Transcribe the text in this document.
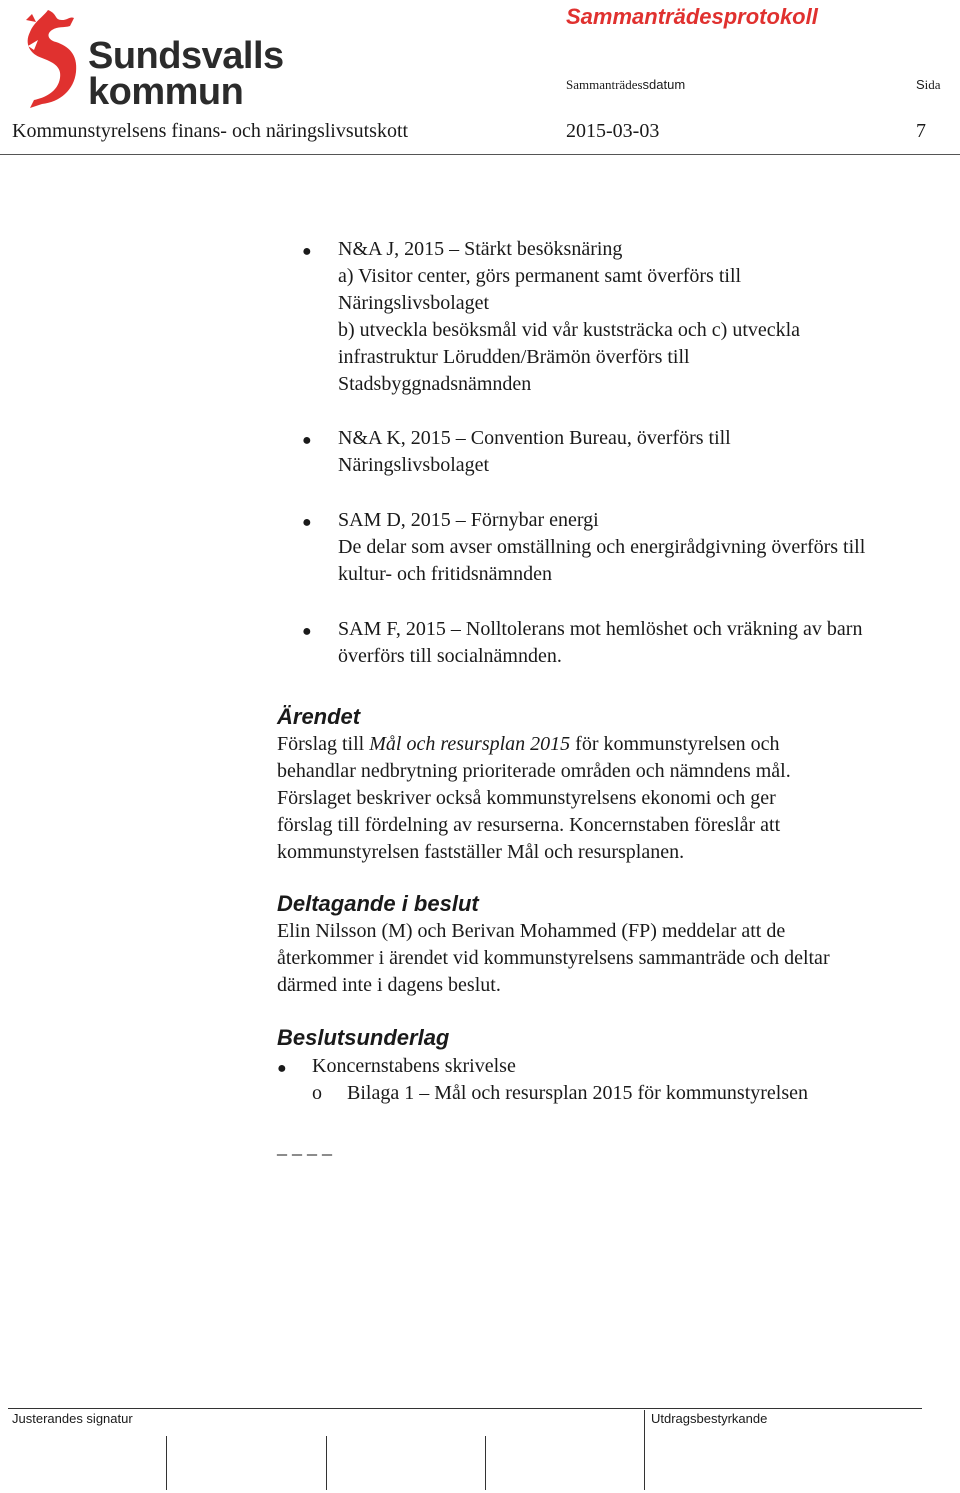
Sundsvalls
kommun
Sammanträdesprotokoll
Sammanträdessdatum	Sida
Kommunstyrelsens finans- och näringslivsutskott	2015-03-03	7
● N&A J, 2015 – Stärkt besöksnäring
a) Visitor center, görs permanent samt överförs till
Näringslivsbolaget
b) utveckla besöksmål vid vår kuststräcka och c) utveckla
infrastruktur Lörudden/Brämön överförs till
Stadsbyggnadsnämnden
● N&A K, 2015 – Convention Bureau, överförs till
Näringslivsbolaget
● SAM D, 2015 – Förnybar energi
De delar som avser omställning och energirådgivning överförs till
kultur- och fritidsnämnden
● SAM F, 2015 – Nolltolerans mot hemlöshet och vräkning av barn
överförs till socialnämnden.
Ärendet
Förslag till Mål och resursplan 2015 för kommunstyrelsen och
behandlar nedbrytning prioriterade områden och nämndens mål.
Förslaget beskriver också kommunstyrelsens ekonomi och ger
förslag till fördelning av resurserna. Koncernstaben föreslår att
kommunstyrelsen fastställer Mål och resursplanen.
Deltagande i beslut
Elin Nilsson (M) och Berivan Mohammed (FP) meddelar att de
återkommer i ärendet vid kommunstyrelsens sammanträde och deltar
därmed inte i dagens beslut.
Beslutsunderlag
● Koncernstabens skrivelse
o Bilaga 1 – Mål och resursplan 2015 för kommunstyrelsen
_ _ _ _
Justerandes signatur	Utdragsbestyrkande
